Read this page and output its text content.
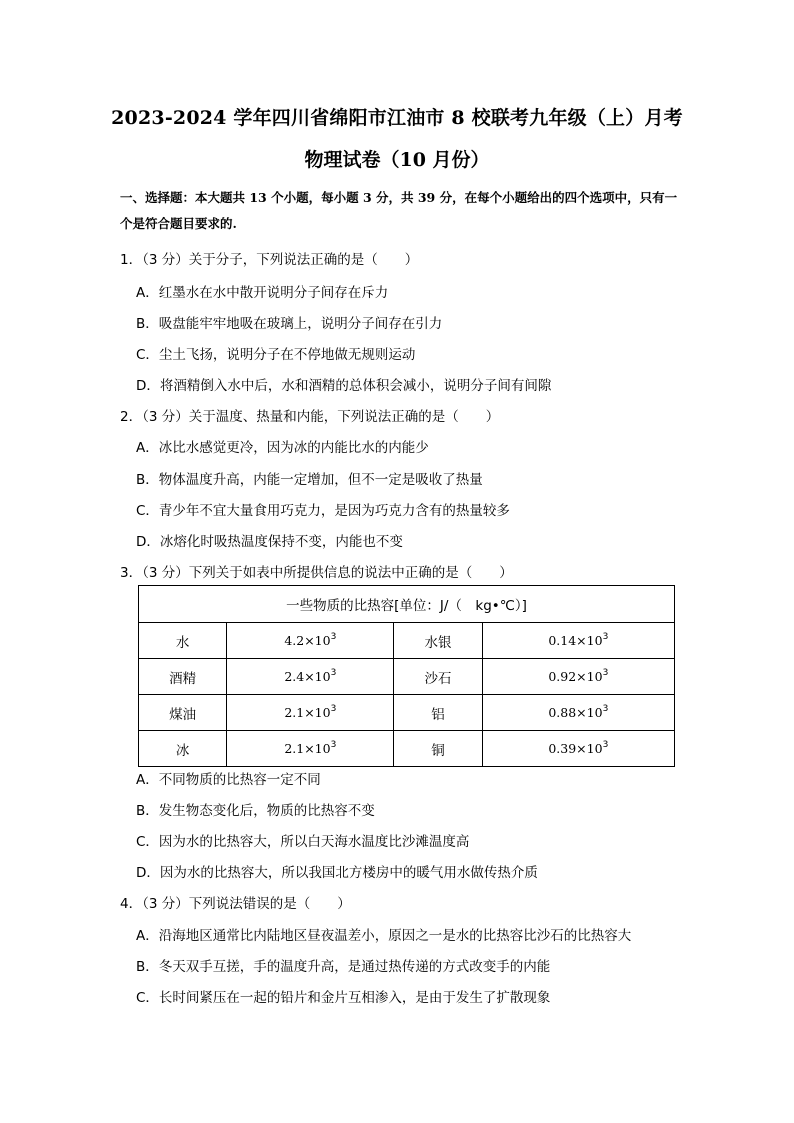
2023-2024 学年四川省绵阳市江油市 8 校联考九年级（上）月考
物理试卷（10 月份）
一、选择题：本大题共 13 个小题，每小题 3 分，共 39 分，在每个小题给出的四个选项中，只有一个是符合题目要求的.
1．（3 分）关于分子，下列说法正确的是（　　）
A．红墨水在水中散开说明分子间存在斥力
B．吸盘能牢牢地吸在玻璃上，说明分子间存在引力
C．尘土飞扬，说明分子在不停地做无规则运动
D．将酒精倒入水中后，水和酒精的总体积会减小，说明分子间有间隙
2．（3 分）关于温度、热量和内能，下列说法正确的是（　　）
A．冰比水感觉更冷，因为冰的内能比水的内能少
B．物体温度升高，内能一定增加，但不一定是吸收了热量
C．青少年不宜大量食用巧克力，是因为巧克力含有的热量较多
D．冰熔化时吸热温度保持不变，内能也不变
3．（3 分）下列关于如表中所提供信息的说法中正确的是（　　）
一些物质的比热容[单位：J/（　kg•℃）]			
水	$4.2\times 10^3$	水银	$0.14\times 10^3$
酒精	$2.4\times 10^3$	沙石	$0.92\times 10^3$
煤油	$2.1\times 10^3$	铝	$0.88\times 10^3$
冰	$2.1\times 10^3$	铜	$0.39\times 10^3$
A．不同物质的比热容一定不同
B．发生物态变化后，物质的比热容不变
C．因为水的比热容大，所以白天海水温度比沙滩温度高
D．因为水的比热容大，所以我国北方楼房中的暖气用水做传热介质
4．（3 分）下列说法错误的是（　　）
A．沿海地区通常比内陆地区昼夜温差小，原因之一是水的比热容比沙石的比热容大
B．冬天双手互搓，手的温度升高，是通过热传递的方式改变手的内能
C．长时间紧压在一起的铅片和金片互相渗入，是由于发生了扩散现象
